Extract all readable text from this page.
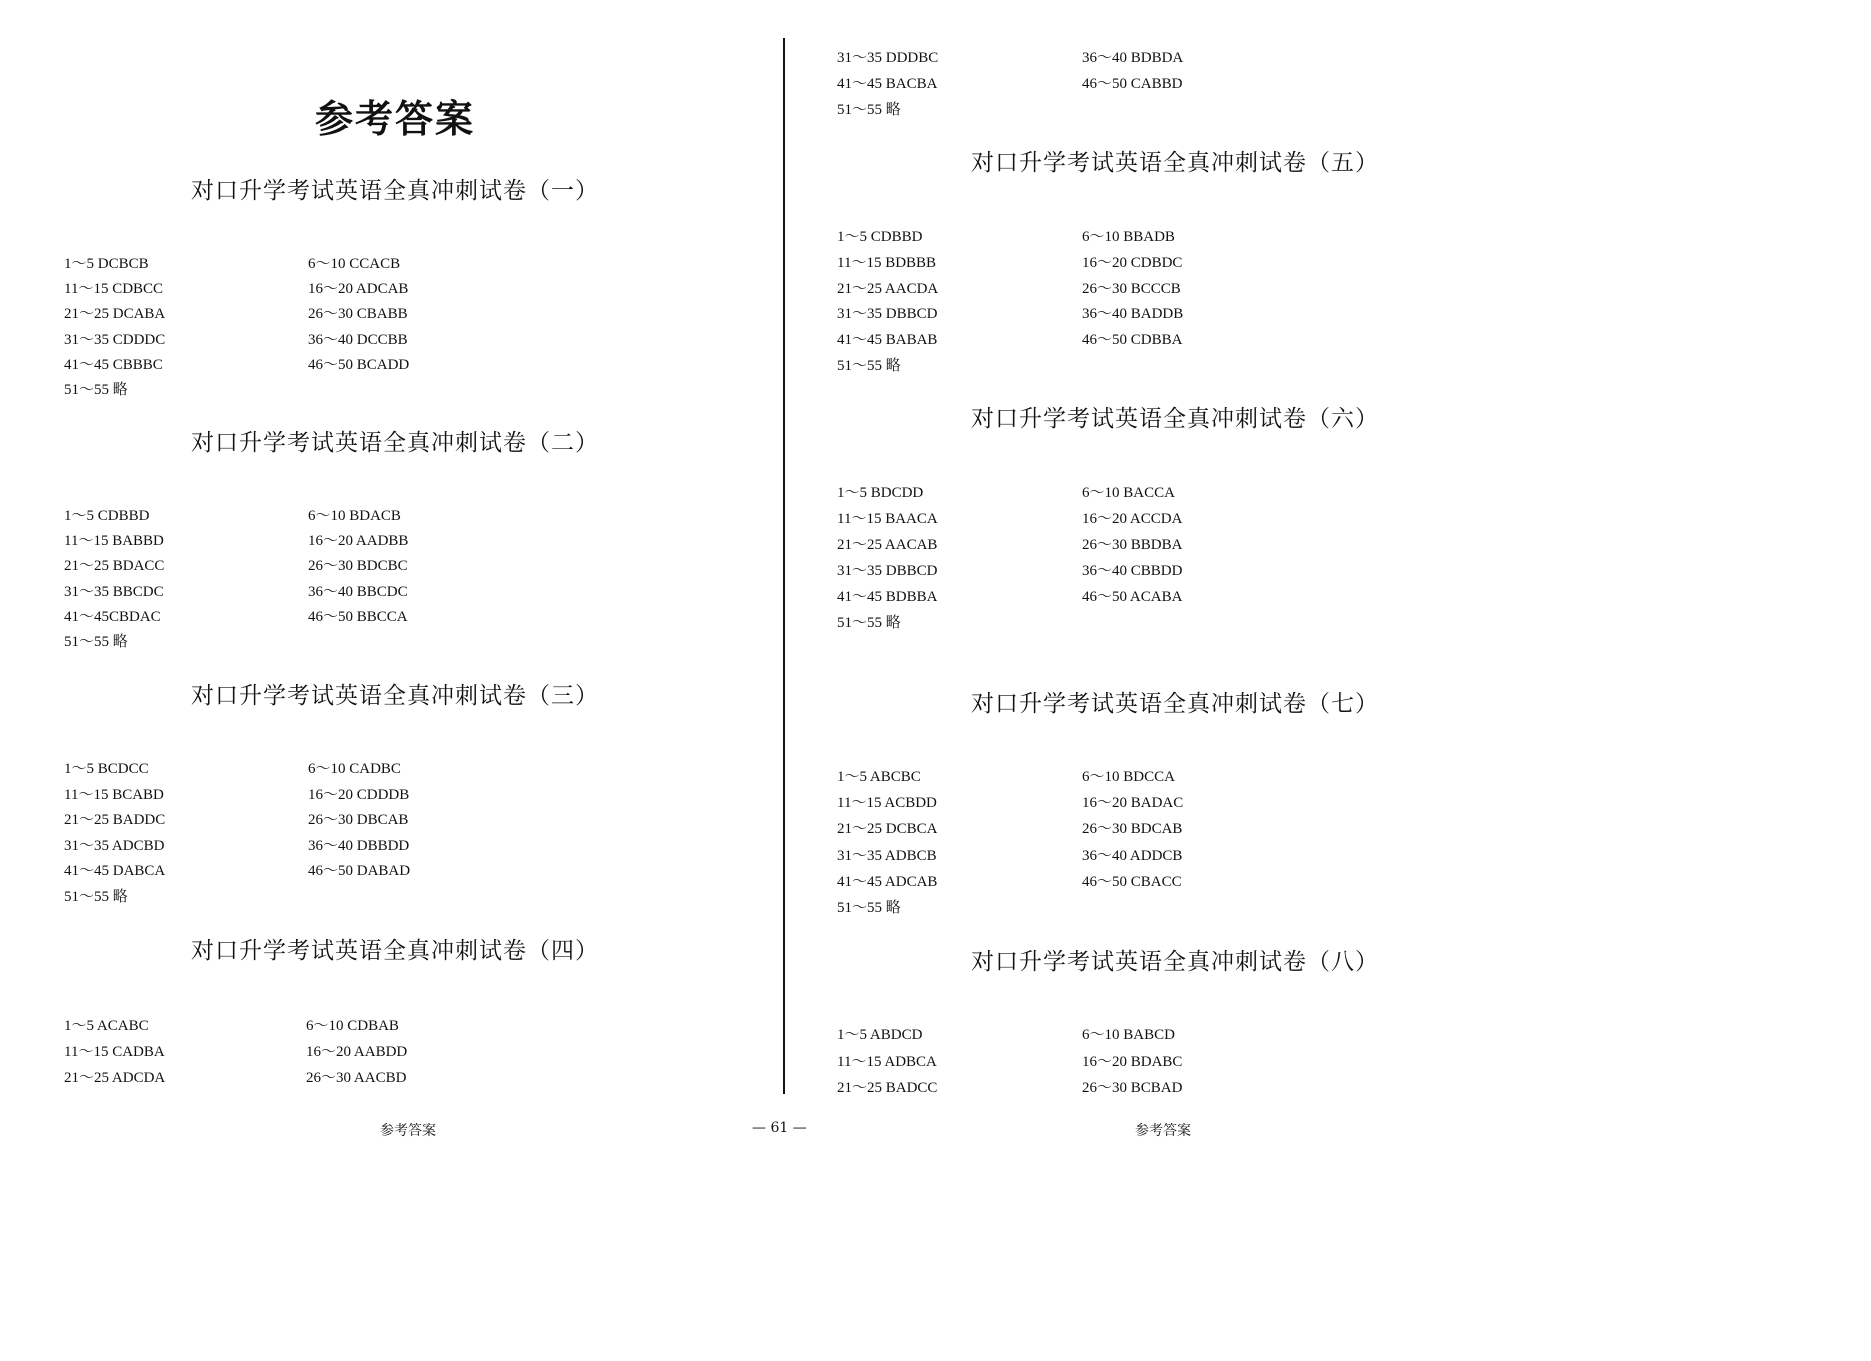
参考答案
对口升学考试英语全真冲刺试卷（一）
1～5 DCBCB	6～10 CCACB
11～15 CDBCC	16～20 ADCAB
21～25 DCABA	26～30 CBABB
31～35 CDDDC	36～40 DCCBB
41～45 CBBBC	46～50 BCADD
51～55 略
对口升学考试英语全真冲刺试卷（二）
1～5 CDBBD	6～10 BDACB
11～15 BABBD	16～20 AADBB
21～25 BDACC	26～30 BDCBC
31～35 BBCDC	36～40 BBCDC
41～45CBDAC	46～50 BBCCA
51～55 略
对口升学考试英语全真冲刺试卷（三）
1～5 BCDCC	6～10 CADBC
11～15 BCABD	16～20 CDDDB
21～25 BADDC	26～30 DBCAB
31～35 ADCBD	36～40 DBBDD
41～45 DABCA	46～50 DABAD
51～55 略
对口升学考试英语全真冲刺试卷（四）
1～5 ACABC	6～10 CDBAB
11～15 CADBA	16～20 AABDD
21～25 ADCDA	26～30 AACBD
31～35 DDDBC	36～40 BDBDA
41～45 BACBA	46～50 CABBD
51～55 略
对口升学考试英语全真冲刺试卷（五）
1～5 CDBBD	6～10 BBADB
11～15 BDBBB	16～20 CDBDC
21～25 AACDA	26～30 BCCCB
31～35 DBBCD	36～40 BADDB
41～45 BABAB	46～50 CDBBA
51～55 略
对口升学考试英语全真冲刺试卷（六）
1～5 BDCDD	6～10 BACCA
11～15 BAACA	16～20 ACCDA
21～25 AACAB	26～30 BBDBA
31～35 DBBCD	36～40 CBBDD
41～45 BDBBA	46～50 ACABA
51～55 略
对口升学考试英语全真冲刺试卷（七）
1～5 ABCBC	6～10 BDCCA
11～15 ACBDD	16～20 BADAC
21～25 DCBCA	26～30 BDCAB
31～35 ADBCB	36～40 ADDCB
41～45 ADCAB	46～50 CBACC
51～55 略
对口升学考试英语全真冲刺试卷（八）
1～5 ABDCD	6～10 BABCD
11～15 ADBCA	16～20 BDABC
21～25 BADCC	26～30 BCBAD
参考答案	— 61 —	参考答案
